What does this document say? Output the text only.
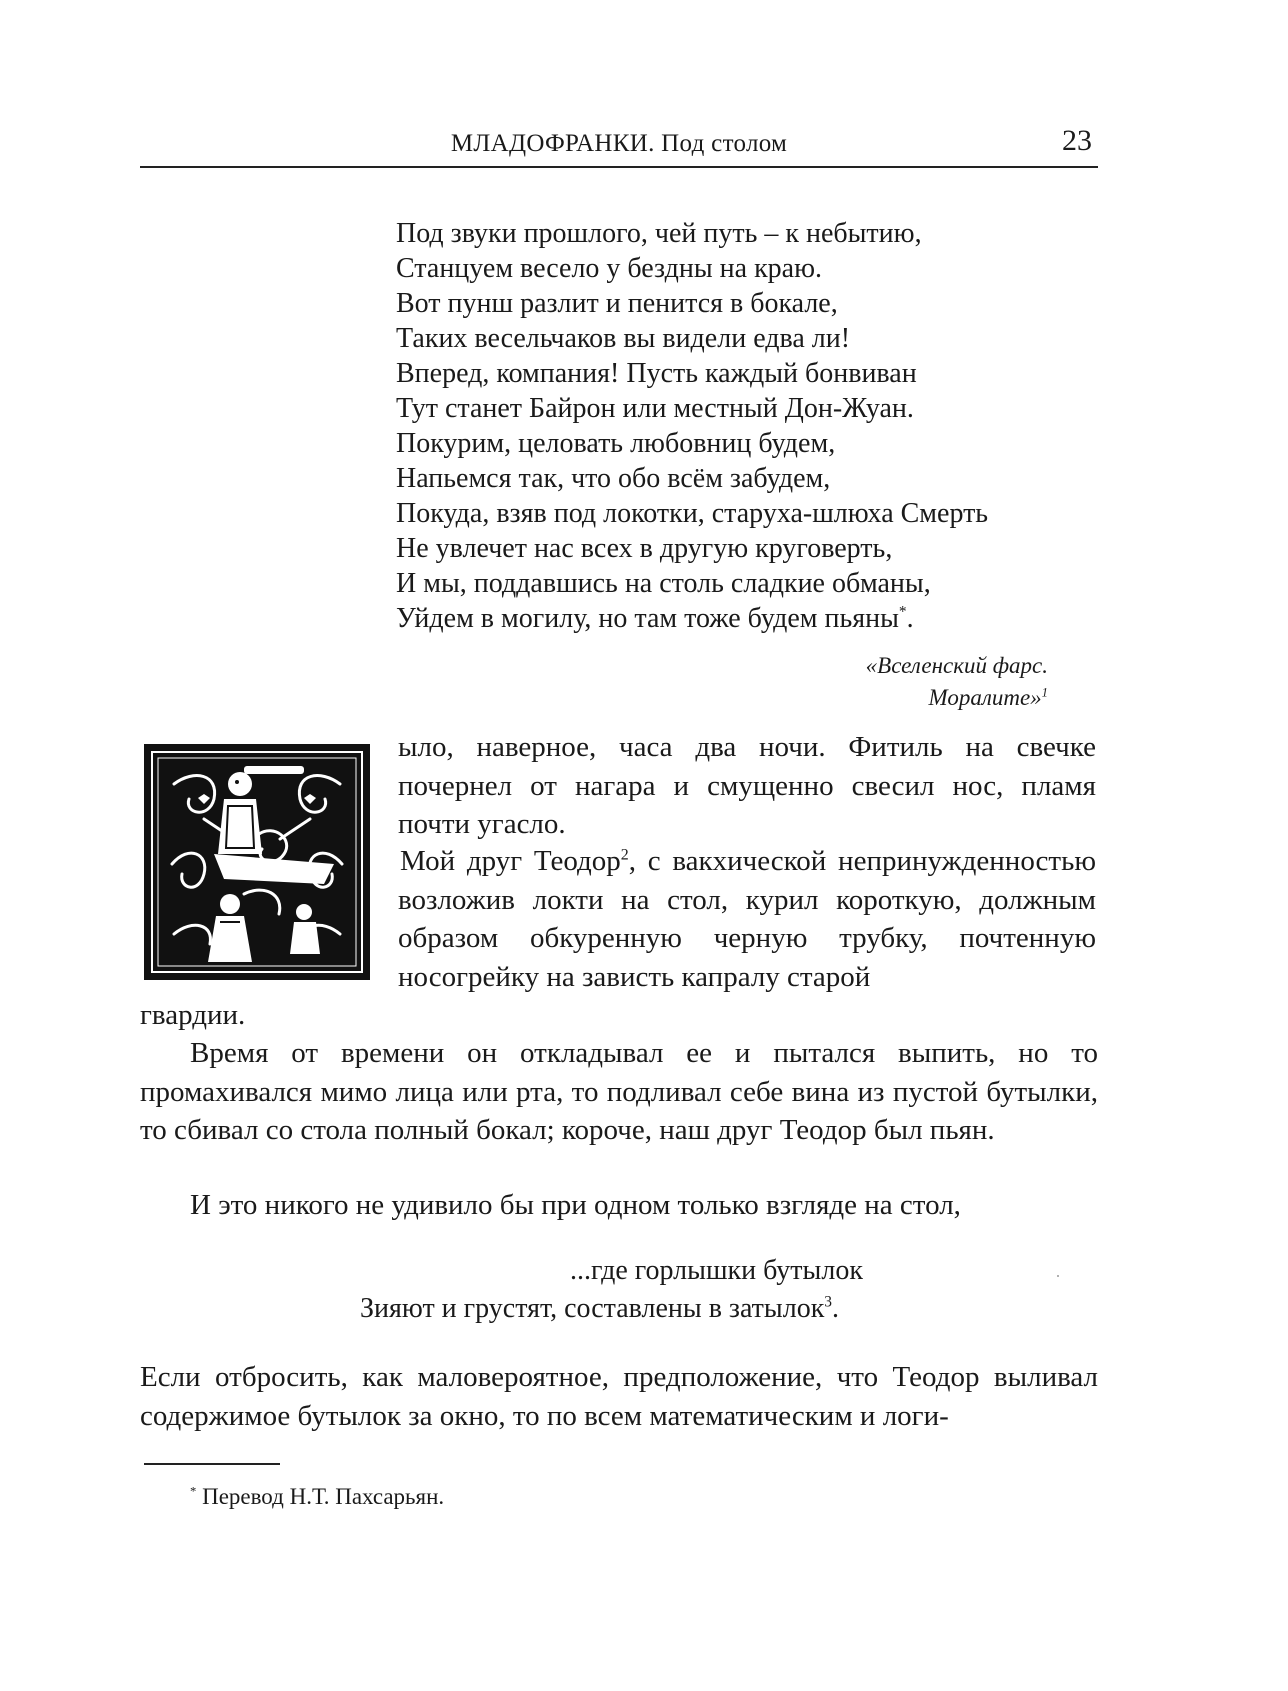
МЛАДОФРАНКИ. Под столом	23
Под звуки прошлого, чей путь – к небытию,
Станцуем весело у бездны на краю.
Вот пунш разлит и пенится в бокале,
Таких весельчаков вы видели едва ли!
Вперед, компания! Пусть каждый бонвиван
Тут станет Байрон или местный Дон-Жуан.
Покурим, целовать любовниц будем,
Напьемся так, что обо всём забудем,
Покуда, взяв под локотки, старуха-шлюха Смерть
Не увлечет нас всех в другую круговерть,
И мы, поддавшись на столь сладкие обманы,
Уйдем в могилу, но там тоже будем пьяны*.
«Вселенский фарс.
Моралите»$^1$
ыло, наверное, часа два ночи. Фитиль на свечке почернел от нагара и смущенно свесил нос, пламя почти угасло.
Мой друг Теодор$^2$, с вакхической непринужденностью возложив локти на стол, курил короткую, должным образом обкуренную черную трубку, почтенную носогрейку на зависть капралу старой
гвардии.
Время от времени он откладывал ее и пытался выпить, но то промахивался мимо лица или рта, то подливал себе вина из пустой бутылки, то сбивал со стола полный бокал; короче, наш друг Теодор был пьян.
И это никого не удивило бы при одном только взгляде на стол,
...где горлышки бутылок
Зияют и грустят, составлены в затылок$^3$.
Если отбросить, как маловероятное, предположение, что Теодор выливал содержимое бутылок за окно, то по всем математическим и логи-
* Перевод Н.Т. Пахсарьян.
